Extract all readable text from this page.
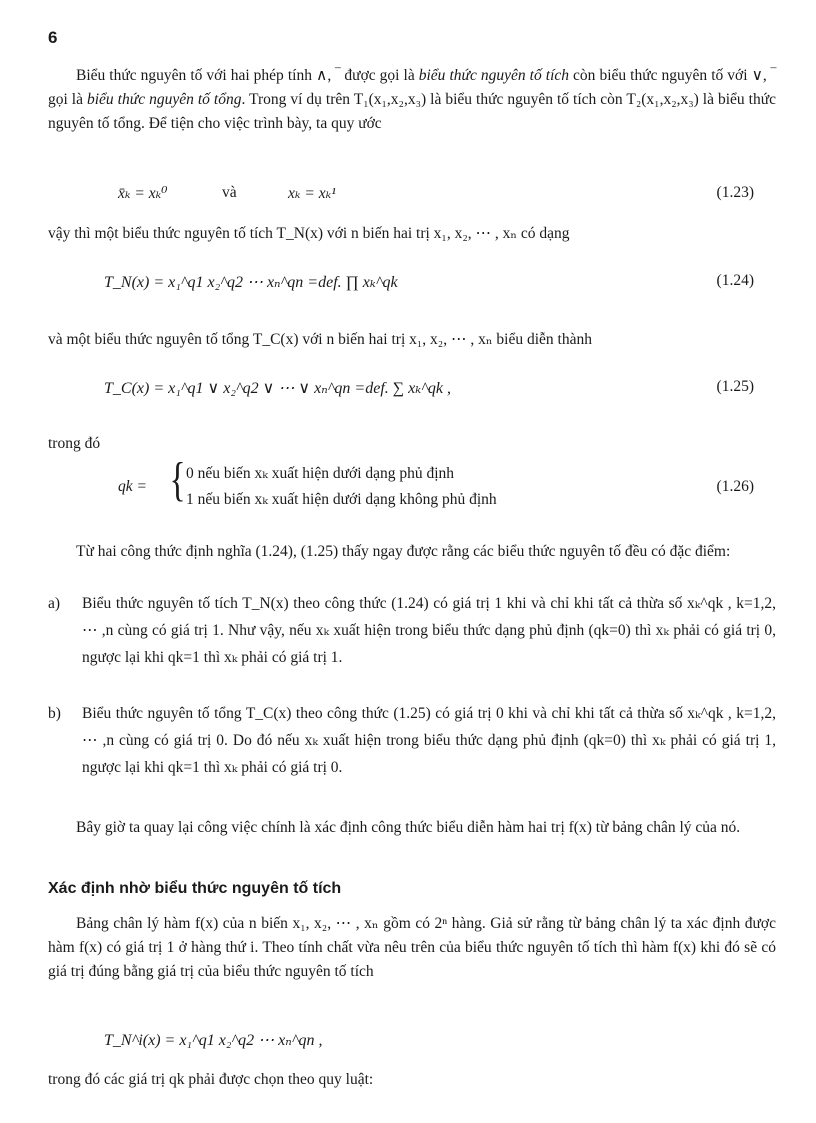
6
Biểu thức nguyên tố với hai phép tính ∧, ‾ được gọi là biểu thức nguyên tố tích còn biểu thức nguyên tố với ∨, ‾ gọi là biểu thức nguyên tố tổng. Trong ví dụ trên T₁(x₁,x₂,x₃) là biểu thức nguyên tố tích còn T₂(x₁,x₂,x₃) là biểu thức nguyên tố tổng. Để tiện cho việc trình bày, ta quy ước
x̄ₖ = xₖ⁰	và	xₖ = xₖ¹	(1.23)
vậy thì một biểu thức nguyên tố tích T_N(x) với n biến hai trị x₁, x₂, ⋯ , xₙ có dạng
T_N(x) = x₁^q1 x₂^q2 ⋯ xₙ^qn =def. ∏ xₖ^qk	(1.24)
và một biểu thức nguyên tố tổng T_C(x) với n biến hai trị x₁, x₂, ⋯ , xₙ biểu diễn thành
T_C(x) = x₁^q1 ∨ x₂^q2 ∨ ⋯ ∨ xₙ^qn =def. ∑ xₖ^qk ,	(1.25)
trong đó
qk = { 0 nếu biến xₖ xuất hiện dưới dạng phủ định
1 nếu biến xₖ xuất hiện dưới dạng không phủ định
(1.26)
Từ hai công thức định nghĩa (1.24), (1.25) thấy ngay được rằng các biểu thức nguyên tố đều có đặc điểm:
a) Biểu thức nguyên tố tích T_N(x) theo công thức (1.24) có giá trị 1 khi và chỉ khi tất cả thừa số xₖ^qk , k=1,2, ⋯ ,n cùng có giá trị 1. Như vậy, nếu xₖ xuất hiện trong biểu thức dạng phủ định (qk=0) thì xₖ phải có giá trị 0, ngược lại khi qk=1 thì xₖ phải có giá trị 1.
b) Biểu thức nguyên tố tổng T_C(x) theo công thức (1.25) có giá trị 0 khi và chỉ khi tất cả thừa số xₖ^qk , k=1,2, ⋯ ,n cùng có giá trị 0. Do đó nếu xₖ xuất hiện trong biểu thức dạng phủ định (qk=0) thì xₖ phải có giá trị 1, ngược lại khi qk=1 thì xₖ phải có giá trị 0.
Bây giờ ta quay lại công việc chính là xác định công thức biểu diễn hàm hai trị f(x) từ bảng chân lý của nó.
Xác định nhờ biểu thức nguyên tố tích
Bảng chân lý hàm f(x) của n biến x₁, x₂, ⋯ , xₙ gồm có 2ⁿ hàng. Giả sử rằng từ bảng chân lý ta xác định được hàm f(x) có giá trị 1 ở hàng thứ i. Theo tính chất vừa nêu trên của biểu thức nguyên tố tích thì hàm f(x) khi đó sẽ có giá trị đúng bằng giá trị của biểu thức nguyên tố tích
T_N^i(x) = x₁^q1 x₂^q2 ⋯ xₙ^qn ,
trong đó các giá trị qk phải được chọn theo quy luật:
